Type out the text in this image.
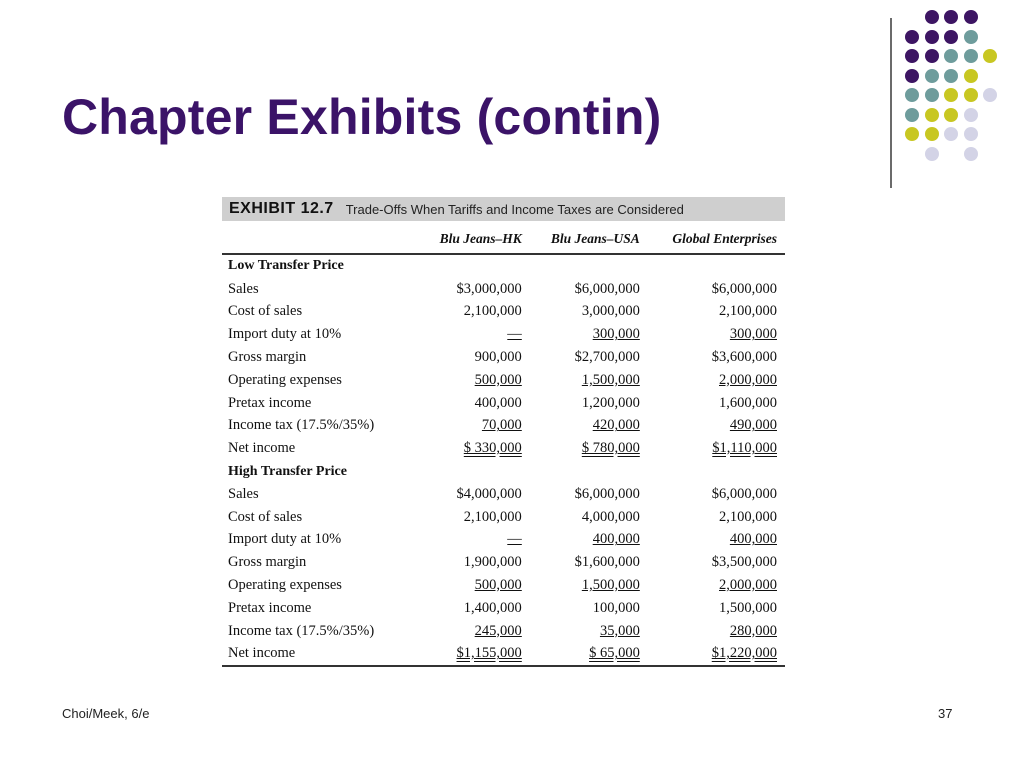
Chapter Exhibits (contin)
EXHIBIT 12.7 Trade-Offs When Tariffs and Income Taxes are Considered
	Blu Jeans–HK	Blu Jeans–USA	Global Enterprises
Low Transfer Price			
Sales	$3,000,000	$6,000,000	$6,000,000
Cost of sales	2,100,000	3,000,000	2,100,000
Import duty at 10%	—	300,000	300,000
Gross margin	900,000	$2,700,000	$3,600,000
Operating expenses	500,000	1,500,000	2,000,000
Pretax income	400,000	1,200,000	1,600,000
Income tax (17.5%/35%)	70,000	420,000	490,000
Net income	$ 330,000	$ 780,000	$1,110,000
High Transfer Price			
Sales	$4,000,000	$6,000,000	$6,000,000
Cost of sales	2,100,000	4,000,000	2,100,000
Import duty at 10%	—	400,000	400,000
Gross margin	1,900,000	$1,600,000	$3,500,000
Operating expenses	500,000	1,500,000	2,000,000
Pretax income	1,400,000	100,000	1,500,000
Income tax (17.5%/35%)	245,000	35,000	280,000
Net income	$1,155,000	$ 65,000	$1,220,000
Choi/Meek, 6/e	37
